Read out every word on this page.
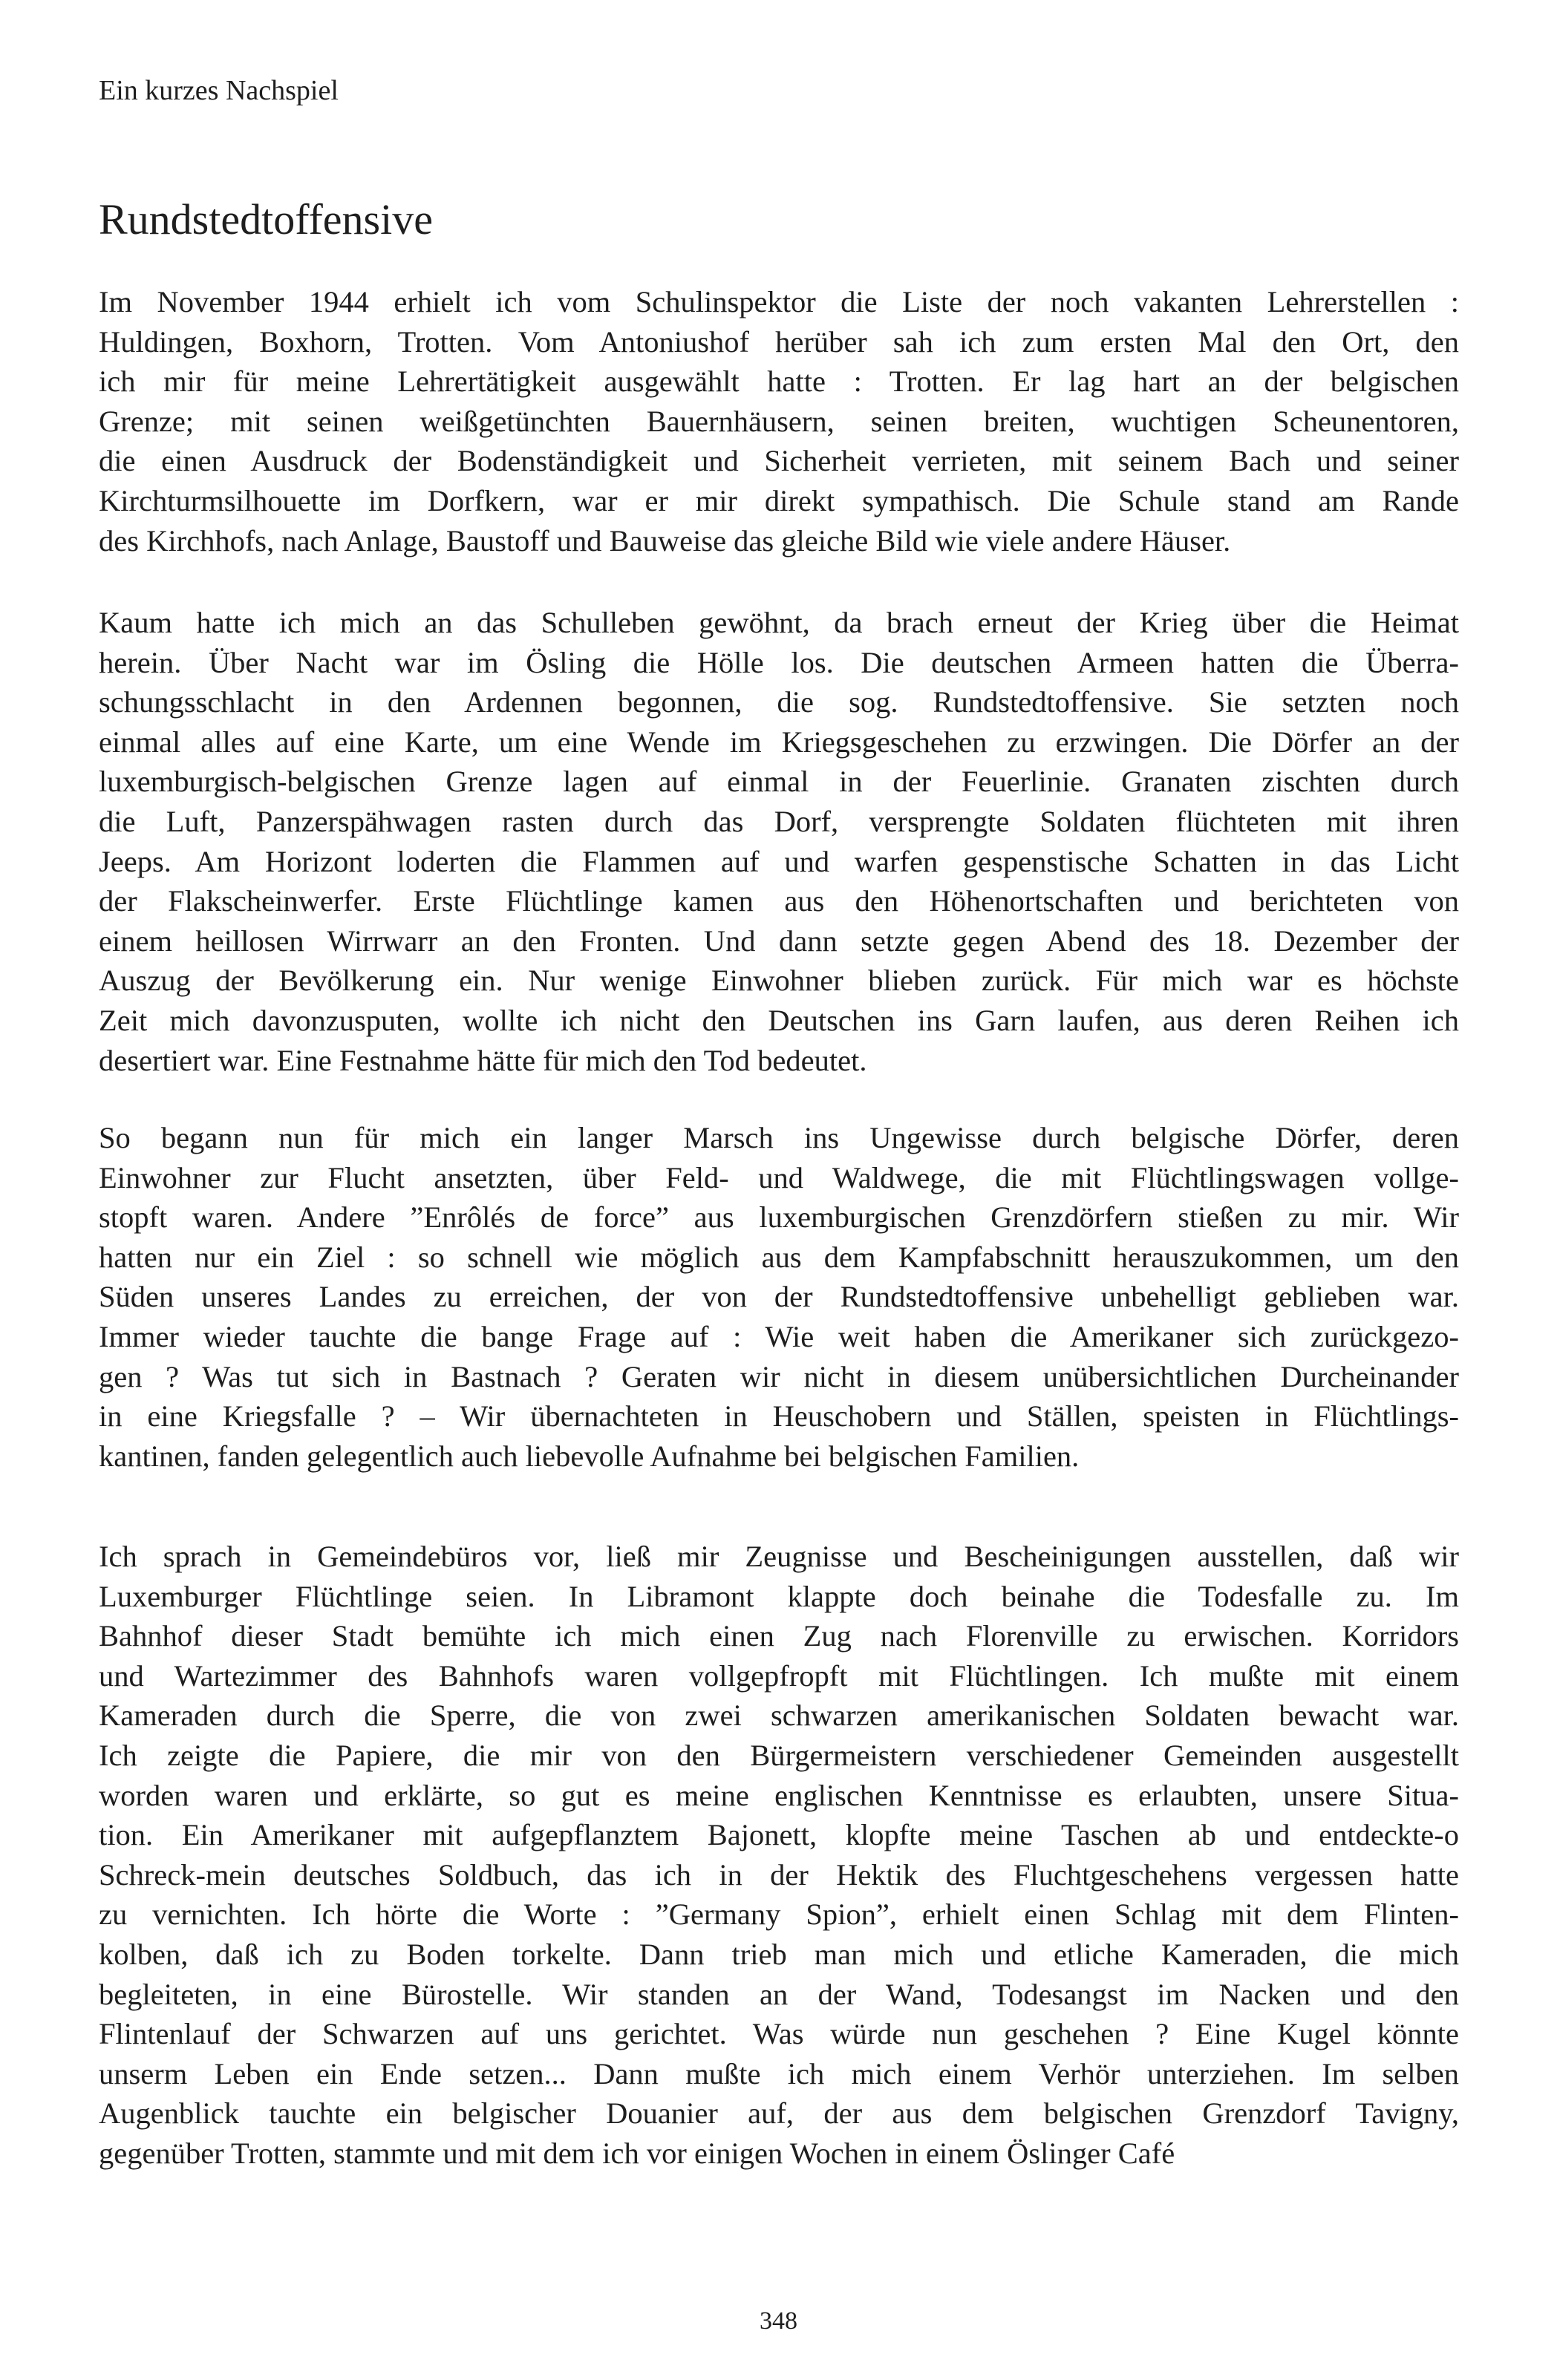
Ein kurzes Nachspiel
Rundstedtoffensive
Im November 1944 erhielt ich vom Schulinspektor die Liste der noch vakanten Lehrerstellen :
Huldingen, Boxhorn, Trotten. Vom Antoniushof herüber sah ich zum ersten Mal den Ort, den
ich mir für meine Lehrertätigkeit ausgewählt hatte : Trotten. Er lag hart an der belgischen
Grenze; mit seinen weißgetünchten Bauernhäusern, seinen breiten, wuchtigen Scheunentoren,
die einen Ausdruck der Bodenständigkeit und Sicherheit verrieten, mit seinem Bach und seiner
Kirchturmsilhouette im Dorfkern, war er mir direkt sympathisch. Die Schule stand am Rande
des Kirchhofs, nach Anlage, Baustoff und Bauweise das gleiche Bild wie viele andere Häuser.
Kaum hatte ich mich an das Schulleben gewöhnt, da brach erneut der Krieg über die Heimat
herein. Über Nacht war im Ösling die Hölle los. Die deutschen Armeen hatten die Überra-
schungsschlacht in den Ardennen begonnen, die sog. Rundstedtoffensive. Sie setzten noch
einmal alles auf eine Karte, um eine Wende im Kriegsgeschehen zu erzwingen. Die Dörfer an der
luxemburgisch-belgischen Grenze lagen auf einmal in der Feuerlinie. Granaten zischten durch
die Luft, Panzerspähwagen rasten durch das Dorf, versprengte Soldaten flüchteten mit ihren
Jeeps. Am Horizont loderten die Flammen auf und warfen gespenstische Schatten in das Licht
der Flakscheinwerfer. Erste Flüchtlinge kamen aus den Höhenortschaften und berichteten von
einem heillosen Wirrwarr an den Fronten. Und dann setzte gegen Abend des 18. Dezember der
Auszug der Bevölkerung ein. Nur wenige Einwohner blieben zurück. Für mich war es höchste
Zeit mich davonzusputen, wollte ich nicht den Deutschen ins Garn laufen, aus deren Reihen ich
desertiert war. Eine Festnahme hätte für mich den Tod bedeutet.
So begann nun für mich ein langer Marsch ins Ungewisse durch belgische Dörfer, deren
Einwohner zur Flucht ansetzten, über Feld- und Waldwege, die mit Flüchtlingswagen vollge-
stopft waren. Andere ”Enrôlés de force” aus luxemburgischen Grenzdörfern stießen zu mir. Wir
hatten nur ein Ziel : so schnell wie möglich aus dem Kampfabschnitt herauszukommen, um den
Süden unseres Landes zu erreichen, der von der Rundstedtoffensive unbehelligt geblieben war.
Immer wieder tauchte die bange Frage auf : Wie weit haben die Amerikaner sich zurückgezo-
gen ? Was tut sich in Bastnach ? Geraten wir nicht in diesem unübersichtlichen Durcheinander
in eine Kriegsfalle ? – Wir übernachteten in Heuschobern und Ställen, speisten in Flüchtlings-
kantinen, fanden gelegentlich auch liebevolle Aufnahme bei belgischen Familien.
Ich sprach in Gemeindebüros vor, ließ mir Zeugnisse und Bescheinigungen ausstellen, daß wir
Luxemburger Flüchtlinge seien. In Libramont klappte doch beinahe die Todesfalle zu. Im
Bahnhof dieser Stadt bemühte ich mich einen Zug nach Florenville zu erwischen. Korridors
und Wartezimmer des Bahnhofs waren vollgepfropft mit Flüchtlingen. Ich mußte mit einem
Kameraden durch die Sperre, die von zwei schwarzen amerikanischen Soldaten bewacht war.
Ich zeigte die Papiere, die mir von den Bürgermeistern verschiedener Gemeinden ausgestellt
worden waren und erklärte, so gut es meine englischen Kenntnisse es erlaubten, unsere Situa-
tion. Ein Amerikaner mit aufgepflanztem Bajonett, klopfte meine Taschen ab und entdeckte-o
Schreck-mein deutsches Soldbuch, das ich in der Hektik des Fluchtgeschehens vergessen hatte
zu vernichten. Ich hörte die Worte : ”Germany Spion”, erhielt einen Schlag mit dem Flinten-
kolben, daß ich zu Boden torkelte. Dann trieb man mich und etliche Kameraden, die mich
begleiteten, in eine Bürostelle. Wir standen an der Wand, Todesangst im Nacken und den
Flintenlauf der Schwarzen auf uns gerichtet. Was würde nun geschehen ? Eine Kugel könnte
unserm Leben ein Ende setzen... Dann mußte ich mich einem Verhör unterziehen. Im selben
Augenblick tauchte ein belgischer Douanier auf, der aus dem belgischen Grenzdorf Tavigny,
gegenüber Trotten, stammte und mit dem ich vor einigen Wochen in einem Öslinger Café
348
